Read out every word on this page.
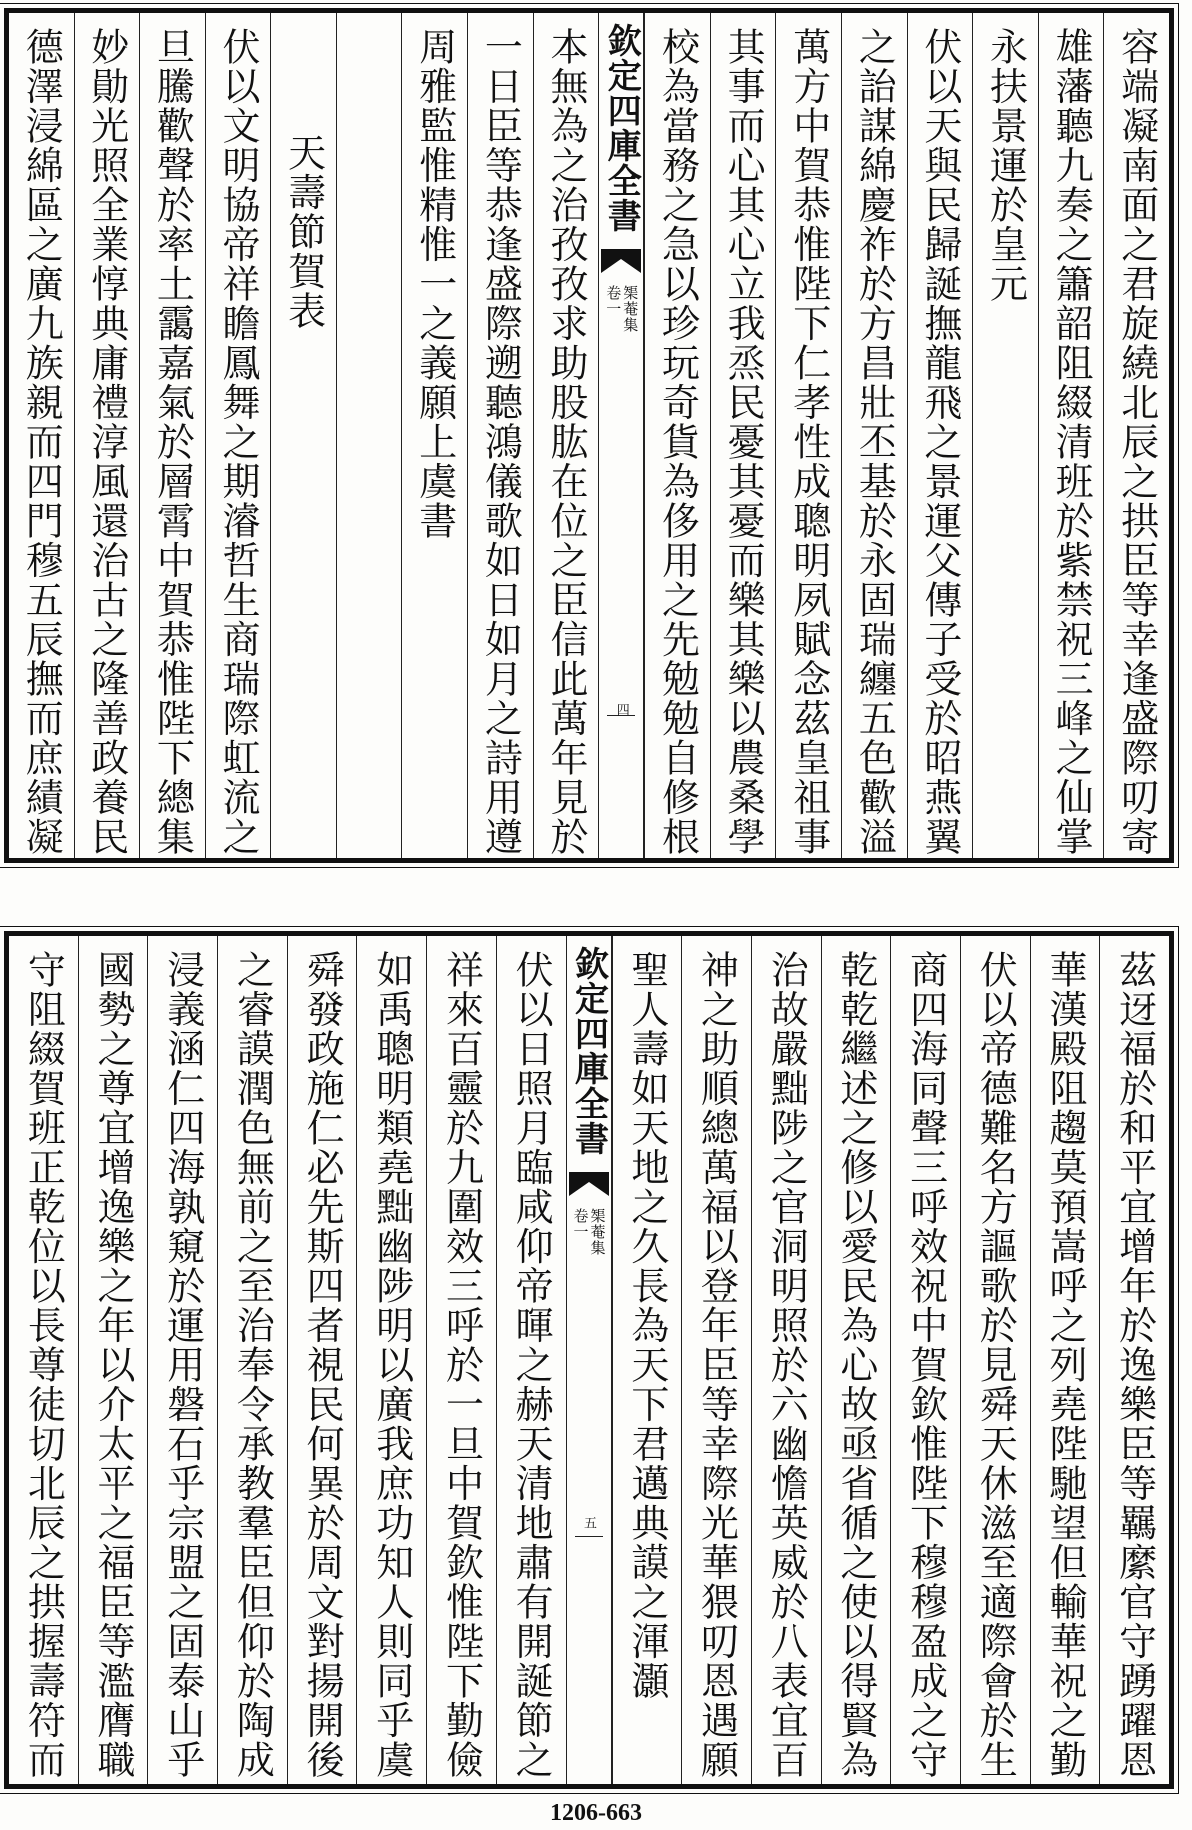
容端凝南面之君旋繞北辰之拱臣等幸逢盛際叨寄
雄藩聽九奏之簫韶阻綴清班於紫禁祝三峰之仙掌
永扶景運於皇元
伏以天與民歸誕撫龍飛之景運父傳子受於昭燕翼
之詒謀綿慶祚於方昌壯丕基於永固瑞纏五色歡溢
萬方中賀恭惟陛下仁孝性成聰明夙賦念茲皇祖事
其事而心其心立我烝民憂其憂而樂其樂以農桑學
校為當務之急以珍玩奇貨為侈用之先勉勉自修根
欽定四庫全書
榘菴集
卷一
四
本無為之治孜孜求助股肱在位之臣信此萬年見於
一日臣等恭逢盛際遡聽鴻儀歌如日如月之詩用遵
周雅監惟精惟一之義願上虞書
天壽節賀表
伏以文明協帝祥瞻鳳舞之期濬哲生商瑞際虹流之
旦騰歡聲於率土靄嘉氣於層霄中賀恭惟陛下總集
妙勛光照全業惇典庸禮淳風還治古之隆善政養民
德澤浸綿區之廣九族親而四門穆五辰撫而庶績凝
茲迓福於和平宜增年於逸樂臣等羈縻官守踴躍恩
華漢殿阻趨莫預嵩呼之列堯陛馳望但輸華祝之勤
伏以帝德難名方謳歌於見舜天休滋至適際會於生
商四海同聲三呼效祝中賀欽惟陛下穆穆盈成之守
乾乾繼述之修以愛民為心故亟省循之使以得賢為
治故嚴黜陟之官洞明照於六幽憺英威於八表宜百
神之助順總萬福以登年臣等幸際光華猥叨恩遇願
聖人壽如天地之久長為天下君邁典謨之渾灝
欽定四庫全書
榘菴集
卷一
五
伏以日照月臨咸仰帝暉之赫天清地肅有開誕節之
祥來百靈於九圍效三呼於一旦中賀欽惟陛下勤儉
如禹聰明類堯黜幽陟明以廣我庶功知人則同乎虞
舜發政施仁必先斯四者視民何異於周文對揚開後
之睿謨潤色無前之至治奉令承教羣臣但仰於陶成
浸義涵仁四海孰窺於運用磐石乎宗盟之固泰山乎
國勢之尊宜增逸樂之年以介太平之福臣等濫膺職
守阻綴賀班正乾位以長尊徒切北辰之拱握壽符而
1206-663
